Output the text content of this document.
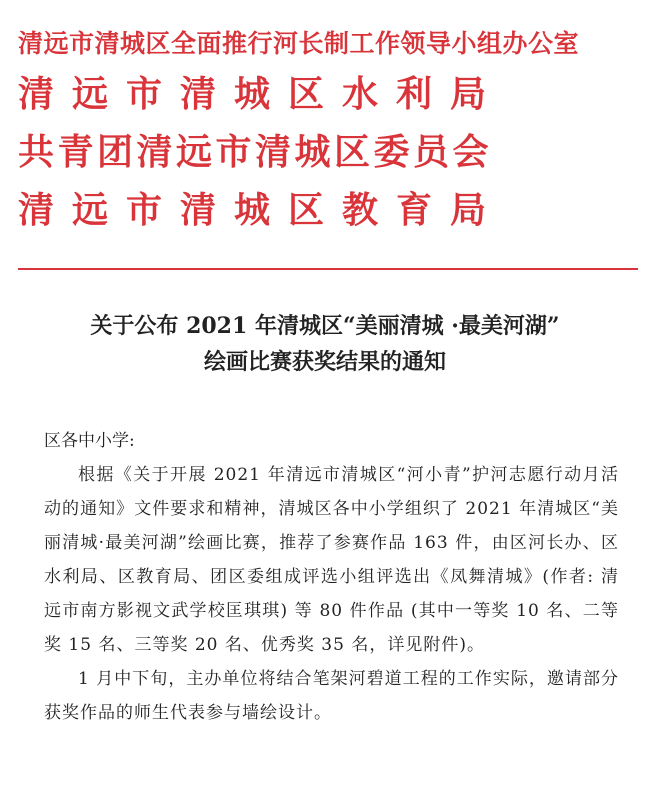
清远市清城区全面推行河长制工作领导小组办公室
清远市清城区水利局
共青团清远市清城区委员会
清远市清城区教育局
关于公布 2021 年清城区“美丽清城 ·最美河湖”
绘画比赛获奖结果的通知
区各中小学:

根据《关于开展 2021 年清远市清城区“河小青”护河志愿行动月活动的通知》文件要求和精神，清城区各中小学组织了 2021 年清城区“美丽清城·最美河湖”绘画比赛，推荐了参赛作品 163 件，由区河长办、区水利局、区教育局、团区委组成评选小组评选出《凤舞清城》(作者: 清远市南方影视文武学校匡琪琪) 等 80 件作品 (其中一等奖 10 名、二等奖 15 名、三等奖 20 名、优秀奖 35 名，详见附件)。

1 月中下旬，主办单位将结合笔架河碧道工程的工作实际，邀请部分获奖作品的师生代表参与墙绘设计。
